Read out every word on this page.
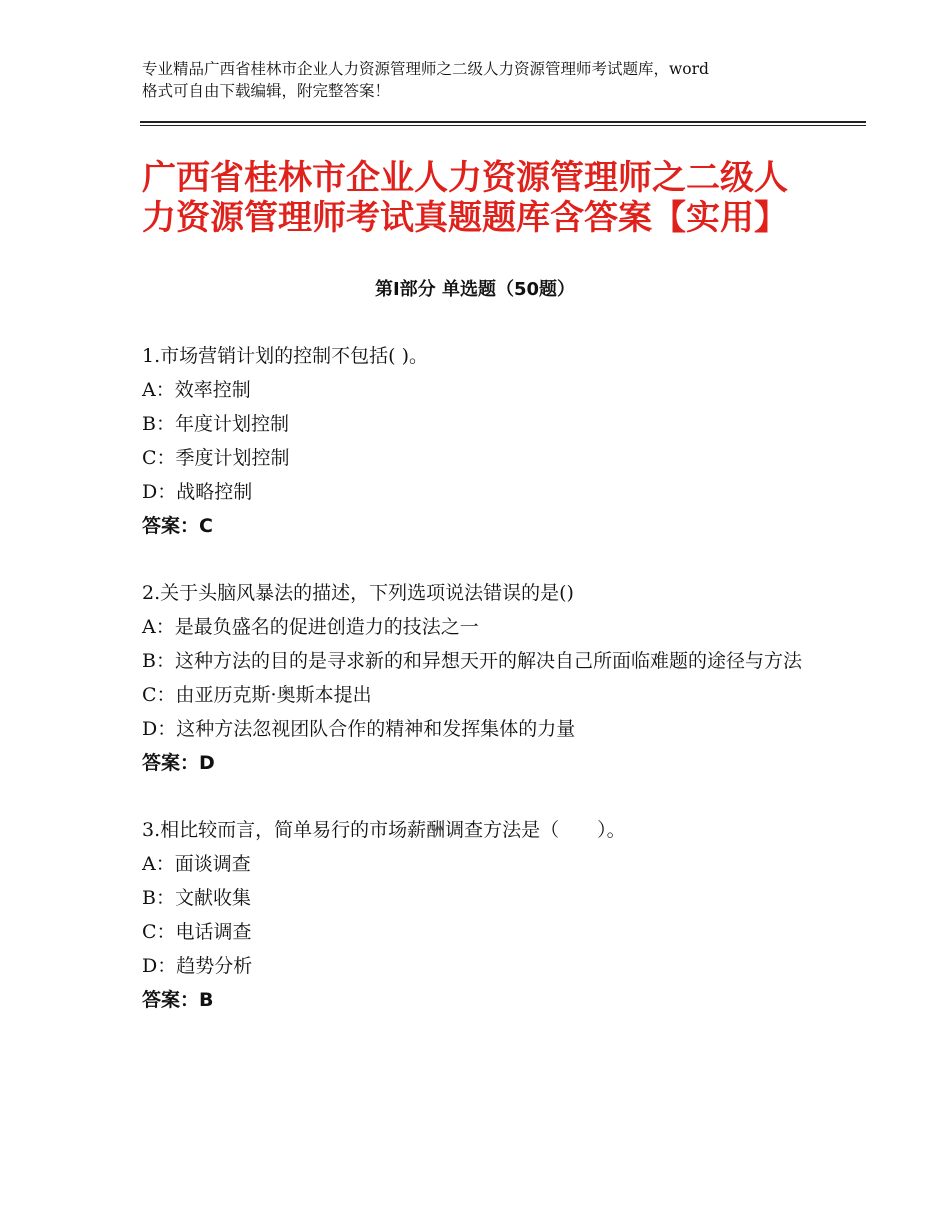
专业精品广西省桂林市企业人力资源管理师之二级人力资源管理师考试题库，word
格式可自由下载编辑，附完整答案！
广西省桂林市企业人力资源管理师之二级人
力资源管理师考试真题题库含答案【实用】
第Ⅰ部分 单选题（50题）
1.市场营销计划的控制不包括( )。
A：效率控制
B：年度计划控制
C：季度计划控制
D：战略控制
答案：C
2.关于头脑风暴法的描述，下列选项说法错误的是()
A：是最负盛名的促进创造力的技法之一
B：这种方法的目的是寻求新的和异想天开的解决自己所面临难题的途径与方法
C：由亚历克斯·奥斯本提出
D：这种方法忽视团队合作的精神和发挥集体的力量
答案：D
3.相比较而言，简单易行的市场薪酬调查方法是（　　）。
A：面谈调查
B：文献收集
C：电话调查
D：趋势分析
答案：B
